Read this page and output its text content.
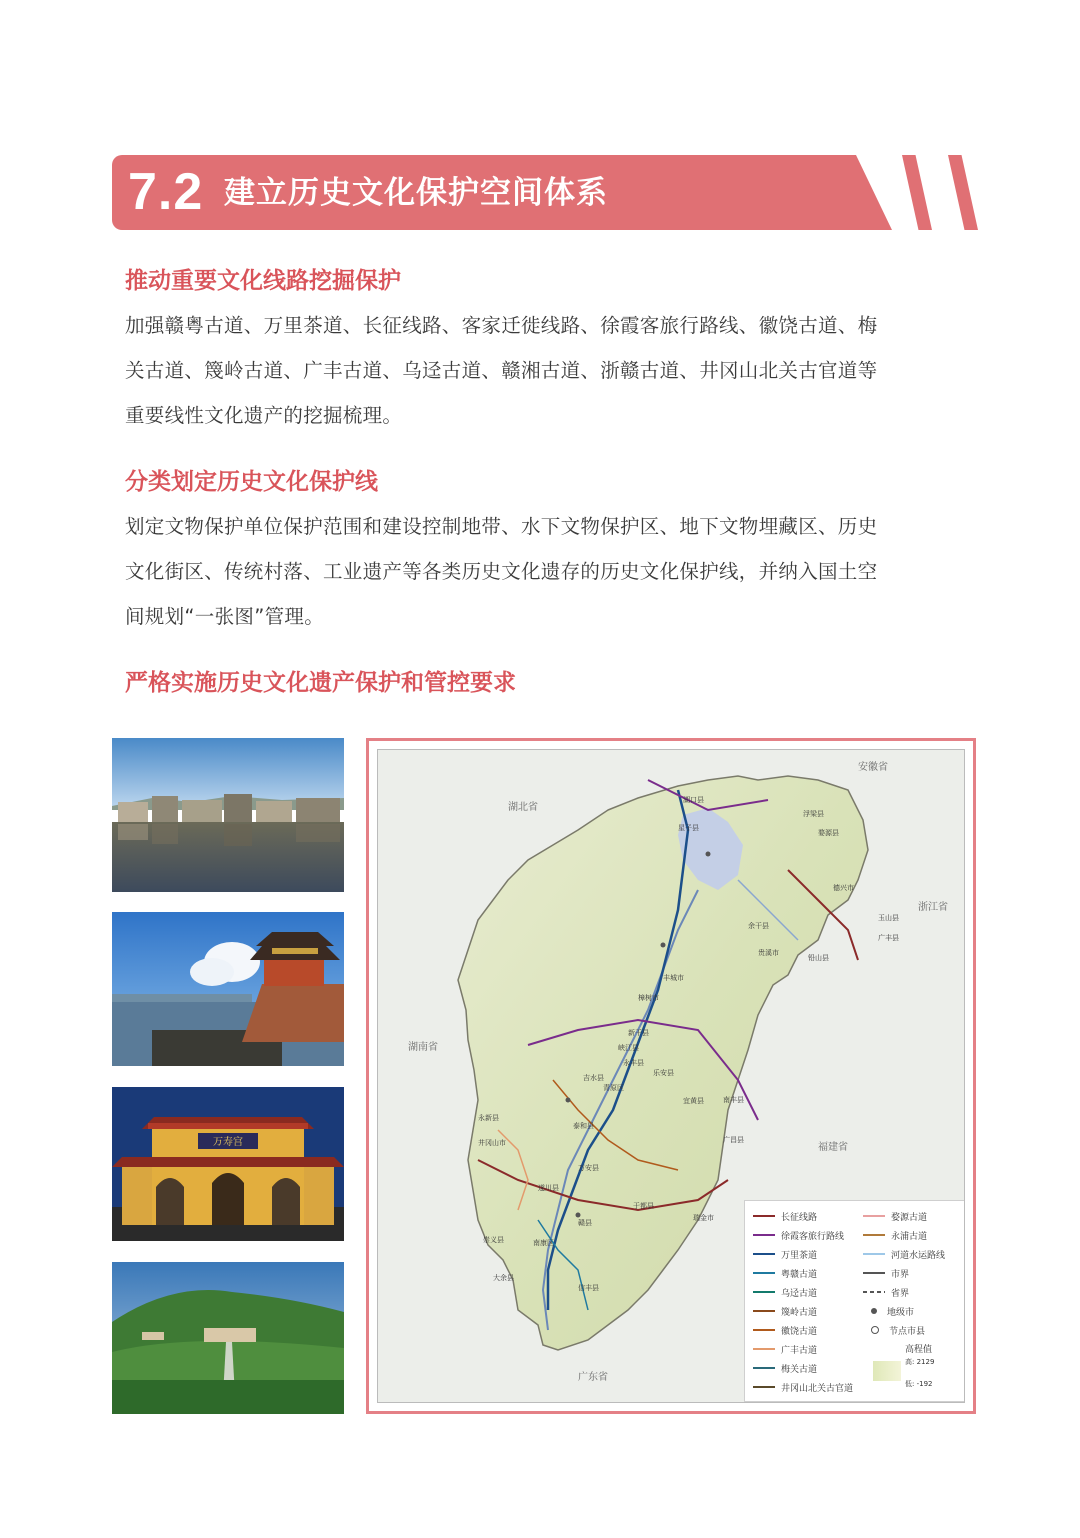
7.2 建立历史文化保护空间体系
推动重要文化线路挖掘保护
加强赣粤古道、万里茶道、长征线路、客家迁徙线路、徐霞客旅行路线、徽饶古道、梅
关古道、篾岭古道、广丰古道、乌迳古道、赣湘古道、浙赣古道、井冈山北关古官道等
重要线性文化遗产的挖掘梳理。
分类划定历史文化保护线
划定文物保护单位保护范围和建设控制地带、水下文物保护区、地下文物埋藏区、历史
文化街区、传统村落、工业遗产等各类历史文化遗存的历史文化保护线，并纳入国土空
间规划“一张图”管理。
严格实施历史文化遗产保护和管控要求
万寿宫
湖北省
安徽省
浙江省
湖南省
福建省
广东省
湖口县
星子县
浮梁县
婺源县
德兴市
玉山县
广丰县
铅山县
余干县
贵溪市
丰城市
樟树市
新干县
峡江县
永丰县
乐安县
宜黄县	南丰县
广昌县
泰和县
万安县
遂川县
井冈山市
永新县
于都县
瑞金市
赣县
信丰县
崇义县
大余县
南康区
青原区
吉水县
长征线路
徐霞客旅行路线
万里茶道
粤赣古道
乌迳古道
篾岭古道
徽饶古道
广丰古道
梅关古道
井冈山北关古官道
婺源古道
永浦古道
河道水运路线
市界
省界
地级市
节点市县
高程值
高: 2129
低: -192
